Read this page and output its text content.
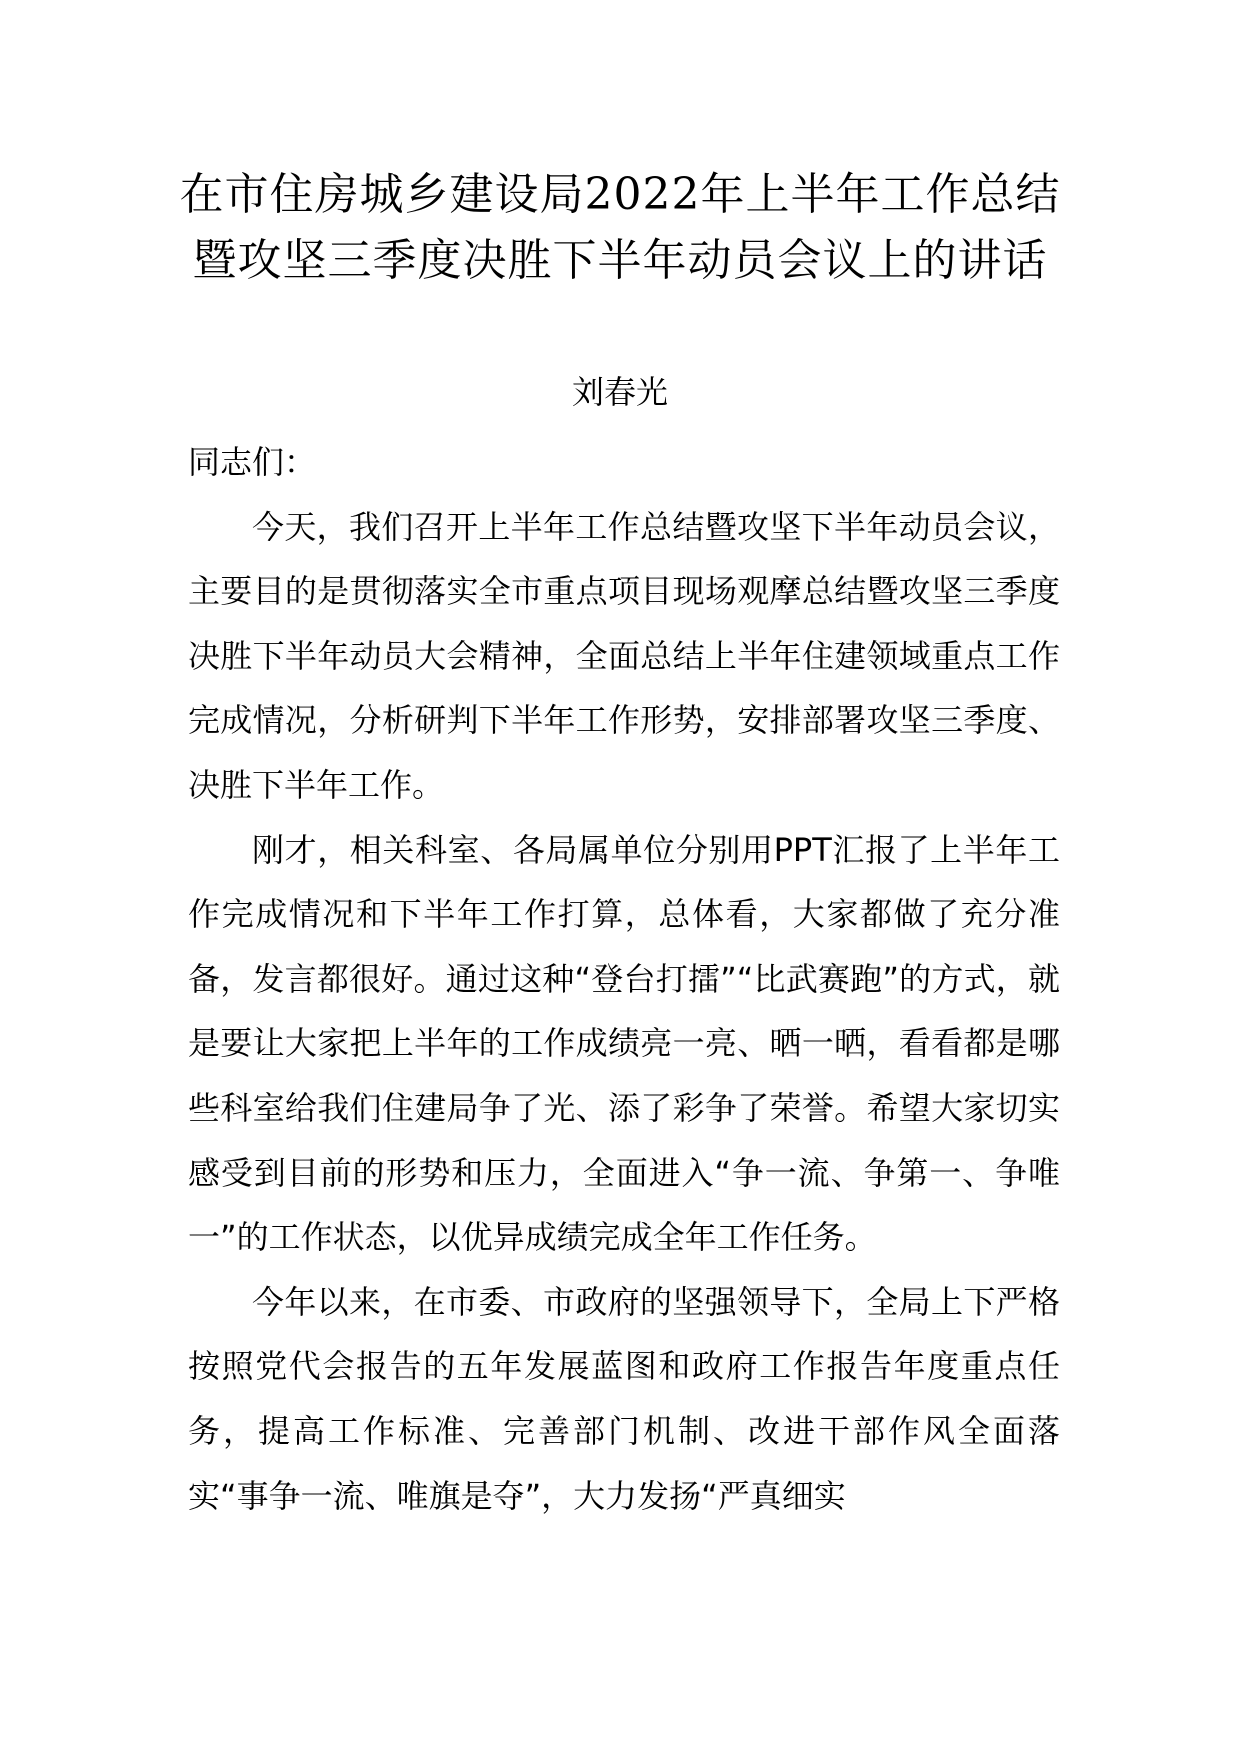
在市住房城乡建设局2022年上半年工作总结暨攻坚三季度决胜下半年动员会议上的讲话

刘春光

同志们：

今天，我们召开上半年工作总结暨攻坚下半年动员会议，主要目的是贯彻落实全市重点项目现场观摩总结暨攻坚三季度决胜下半年动员大会精神，全面总结上半年住建领域重点工作完成情况，分析研判下半年工作形势，安排部署攻坚三季度、决胜下半年工作。

刚才，相关科室、各局属单位分别用PPT汇报了上半年工作完成情况和下半年工作打算，总体看，大家都做了充分准备，发言都很好。通过这种“登台打擂”“比武赛跑”的方式，就是要让大家把上半年的工作成绩亮一亮、晒一晒，看看都是哪些科室给我们住建局争了光、添了彩争了荣誉。希望大家切实感受到目前的形势和压力，全面进入“争一流、争第一、争唯一”的工作状态，以优异成绩完成全年工作任务。

今年以来，在市委、市政府的坚强领导下，全局上下严格按照党代会报告的五年发展蓝图和政府工作报告年度重点任务，提高工作标准、完善部门机制、改进干部作风全面落实“事争一流、唯旗是夺”，大力发扬“严真细实
